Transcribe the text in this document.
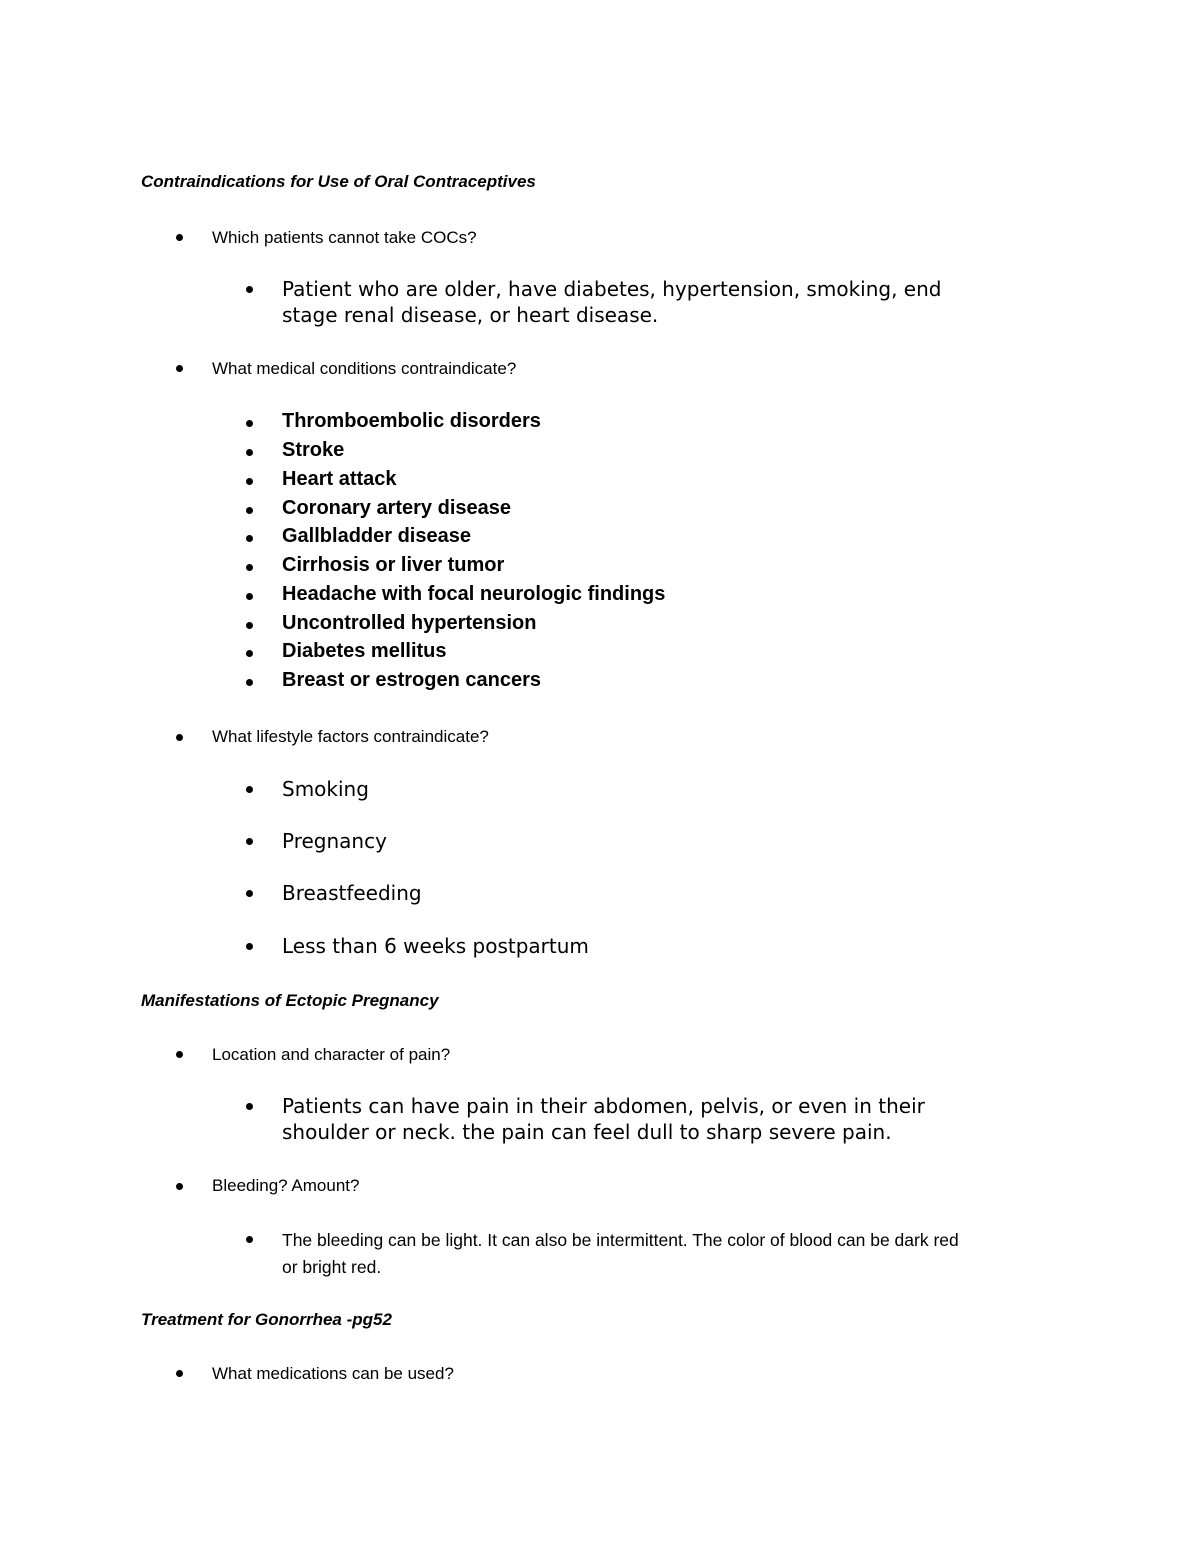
Contraindications for Use of Oral Contraceptives
Which patients cannot take COCs?
Patient who are older, have diabetes, hypertension, smoking, end
stage renal disease, or heart disease.
What medical conditions contraindicate?
Thromboembolic disorders
Stroke
Heart attack
Coronary artery disease
Gallbladder disease
Cirrhosis or liver tumor
Headache with focal neurologic findings
Uncontrolled hypertension
Diabetes mellitus
Breast or estrogen cancers
What lifestyle factors contraindicate?
Smoking
Pregnancy
Breastfeeding
Less than 6 weeks postpartum
Manifestations of Ectopic Pregnancy
Location and character of pain?
Patients can have pain in their abdomen, pelvis, or even in their
shoulder or neck. the pain can feel dull to sharp severe pain.
Bleeding? Amount?
The bleeding can be light. It can also be intermittent. The color of blood can be dark red
or bright red.
Treatment for Gonorrhea -pg52
What medications can be used?
